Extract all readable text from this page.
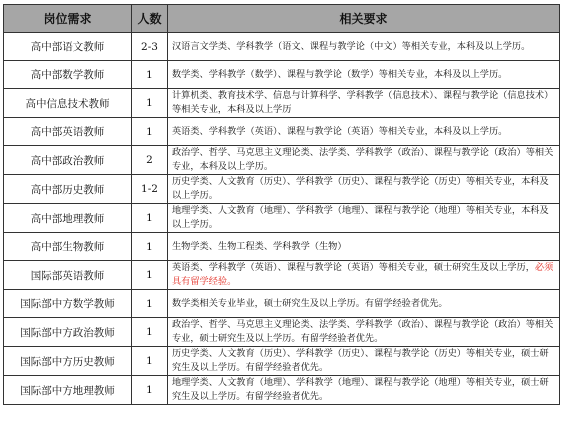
岗位需求	人数	相关要求
高中部语文教师	2-3	汉语言文学类、学科教学（语文、课程与教学论（中文）等相关专业，本科及以上学历。
高中部数学教师	1	数学类、学科教学（数学）、课程与教学论（数学）等相关专业，本科及以上学历。
高中信息技术教师	1	计算机类、教育技术学、信息与计算科学、学科教学（信息技术）、课程与教学论（信息技术）等相关专业，本科及以上学历
高中部英语教师	1	英语类、学科教学（英语）、课程与教学论（英语）等相关专业，本科及以上学历。
高中部政治教师	2	政治学、哲学、马克思主义理论类、法学类、学科教学（政治）、课程与教学论（政治）等相关专业，本科及以上学历。
高中部历史教师	1-2	历史学类、人文教育（历史）、学科教学（历史）、课程与教学论（历史）等相关专业，本科及以上学历。
高中部地理教师	1	地理学类、人文教育（地理）、学科教学（地理）、课程与教学论（地理）等相关专业，本科及以上学历。
高中部生物教师	1	生物学类、生物工程类、学科教学（生物）
国际部英语教师	1	英语类、学科教学（英语）、课程与教学论（英语）等相关专业，硕士研究生及以上学历，必须具有留学经验。
国际部中方数学教师	1	数学类相关专业毕业，硕士研究生及以上学历。有留学经验者优先。
国际部中方政治教师	1	政治学、哲学、马克思主义理论类、法学类、学科教学（政治）、课程与教学论（政治）等相关专业，硕士研究生及以上学历。有留学经验者优先。
国际部中方历史教师	1	历史学类、人文教育（历史）、学科教学（历史）、课程与教学论（历史）等相关专业，硕士研究生及以上学历。有留学经验者优先。
国际部中方地理教师	1	地理学类、人文教育（地理）、学科教学（地理）、课程与教学论（地理）等相关专业，硕士研究生及以上学历。有留学经验者优先。
